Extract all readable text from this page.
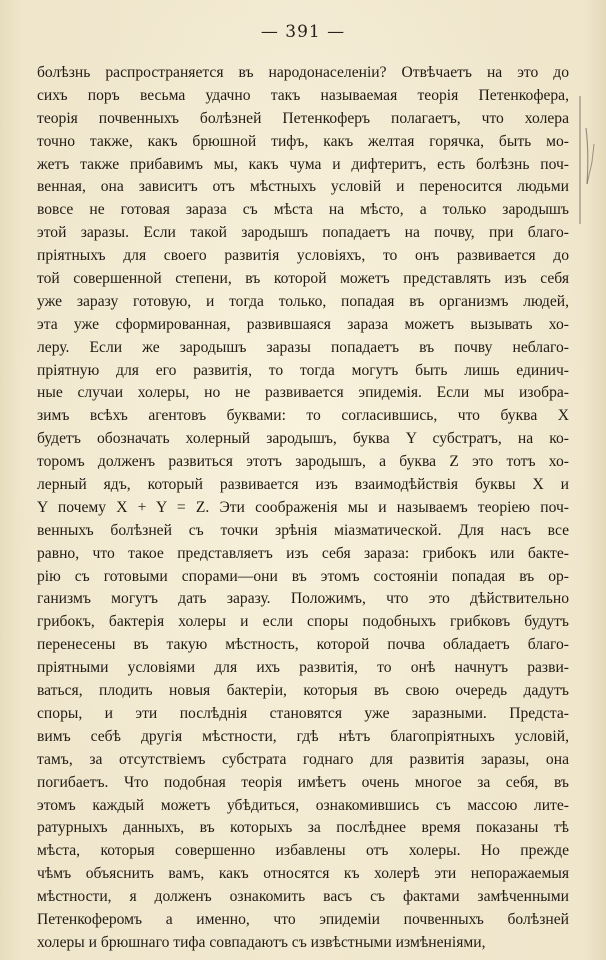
— 391 —
болѣзнь распространяется въ народонаселеніи? Отвѣчаетъ на это до
сихъ поръ весьма удачно такъ называемая теорія Петенкофера,
теорія почвенныхъ болѣзней Петенкоферъ полагаетъ, что холера
точно также, какъ брюшной тифъ, какъ желтая горячка, быть мо-
жетъ также прибавимъ мы, какъ чума и дифтеритъ, есть болѣзнь поч-
венная, она зависитъ отъ мѣстныхъ условій и переносится людьми
вовсе не готовая зараза съ мѣста на мѣсто, а только зародышъ
этой заразы. Если такой зародышъ попадаетъ на почву, при благо-
пріятныхъ для своего развитія условіяхъ, то онъ развивается до
той совершенной степени, въ которой можетъ представлять изъ себя
уже заразу готовую, и тогда только, попадая въ организмъ людей,
эта уже сформированная, развившаяся зараза можетъ вызывать хо-
леру. Если же зародышъ заразы попадаетъ въ почву неблаго-
пріятную для его развитія, то тогда могутъ быть лишь единич-
ные случаи холеры, но не развивается эпидемія. Если мы изобра-
зимъ всѣхъ агентовъ буквами: то согласившись, что буква X
будетъ обозначать холерный зародышъ, буква Y субстратъ, на ко-
торомъ долженъ развиться этотъ зародышъ, а буква Z это тотъ хо-
лерный ядъ, который развивается изъ взаимодѣйствія буквы X и
Y почему X + Y = Z. Эти соображенія мы и называемъ теоріею поч-
венныхъ болѣзней съ точки зрѣнія міазматической. Для насъ все
равно, что такое представляетъ изъ себя зараза: грибокъ или бакте-
рію съ готовыми спорами—они въ этомъ состояніи попадая въ ор-
ганизмъ могутъ дать заразу. Положимъ, что это дѣйствительно
грибокъ, бактерія холеры и если споры подобныхъ грибковъ будутъ
перенесены въ такую мѣстность, которой почва обладаетъ благо-
пріятными условіями для ихъ развитія, то онѣ начнутъ разви-
ваться, плодить новыя бактеріи, которыя въ свою очередь дадутъ
споры, и эти послѣднія становятся уже заразными. Предста-
вимъ себѣ другія мѣстности, гдѣ нѣтъ благопріятныхъ условій,
тамъ, за отсутствіемъ субстрата годнаго для развитія заразы, она
погибаетъ. Что подобная теорія имѣетъ очень многое за себя, въ
этомъ каждый можетъ убѣдиться, ознакомившись съ массою лите-
ратурныхъ данныхъ, въ которыхъ за послѣднее время показаны тѣ
мѣста, которыя совершенно избавлены отъ холеры. Но прежде
чѣмъ объяснить вамъ, какъ относятся къ холерѣ эти непоражаемыя
мѣстности, я долженъ ознакомить васъ съ фактами замѣченными
Петенкоферомъ а именно, что эпидеміи почвенныхъ болѣзней
холеры и брюшнаго тифа совпадаютъ съ извѣстными измѣненіями,
